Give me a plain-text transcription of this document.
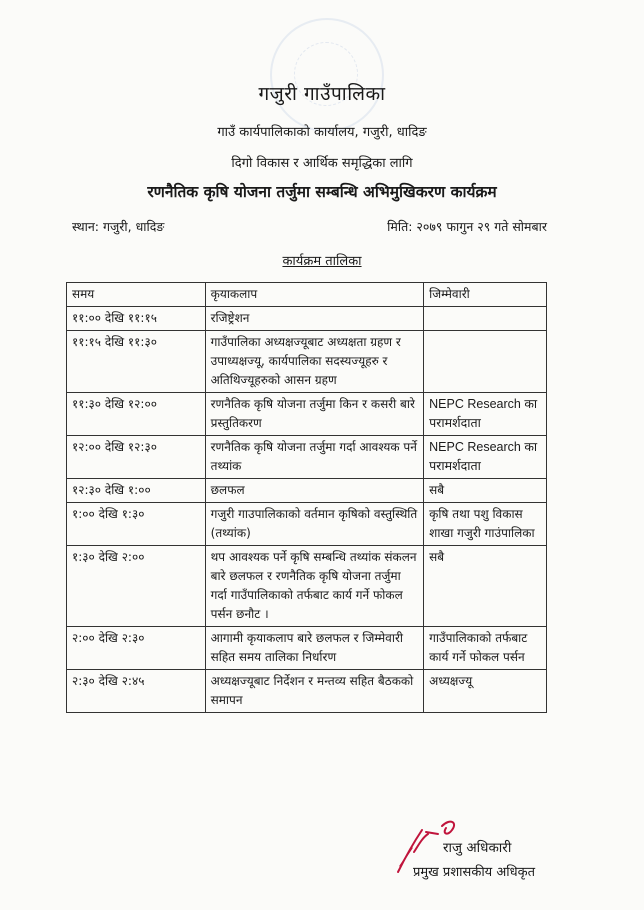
गजुरी गाउँपालिका
गाउँ कार्यपालिकाको कार्यालय, गजुरी, धादिङ
दिगो विकास र आर्थिक समृद्धिका लागि
रणनैतिक कृषि योजना तर्जुमा सम्बन्धि अभिमुखिकरण कार्यक्रम
स्थान: गजुरी, धादिङ	मिति: २०७९ फागुन २९ गते सोमबार
कार्यक्रम तालिका
समय	कृयाकलाप	जिम्मेवारी
११:०० देखि ११:१५	रजिष्ट्रेशन	
११:१५ देखि ११:३०	गाउँपालिका अध्यक्षज्यूबाट अध्यक्षता ग्रहण र उपाध्यक्षज्यू, कार्यपालिका सदस्यज्यूहरु र अतिथिज्यूहरुको आसन ग्रहण	
११:३० देखि १२:००	रणनैतिक कृषि योजना तर्जुमा किन र कसरी बारे प्रस्तुतिकरण	NEPC Research का परामर्शदाता
१२:०० देखि १२:३०	रणनैतिक कृषि योजना तर्जुमा गर्दा आवश्यक पर्ने तथ्यांक	NEPC Research का परामर्शदाता
१२:३० देखि १:००	छलफल	सबै
१:०० देखि १:३०	गजुरी गाउपालिकाको वर्तमान कृषिको वस्तुस्थिति (तथ्यांक)	कृषि तथा पशु विकास शाखा गजुरी गाउंपालिका
१:३० देखि २:००	थप आवश्यक पर्ने कृषि सम्बन्धि तथ्यांक संकलन बारे छलफल र रणनैतिक कृषि योजना तर्जुमा गर्दा गाउँपालिकाको तर्फबाट कार्य गर्ने फोकल पर्सन छनौट ।	सबै
२:०० देखि २:३०	आगामी कृयाकलाप बारे छलफल र जिम्मेवारी सहित समय तालिका निर्धारण	गाउँपालिकाको तर्फबाट कार्य गर्ने फोकल पर्सन
२:३० देखि २:४५	अध्यक्षज्यूबाट निर्देशन र मन्तव्य सहित बैठकको समापन	अध्यक्षज्यू
राजु अधिकारी
प्रमुख प्रशासकीय अधिकृत
